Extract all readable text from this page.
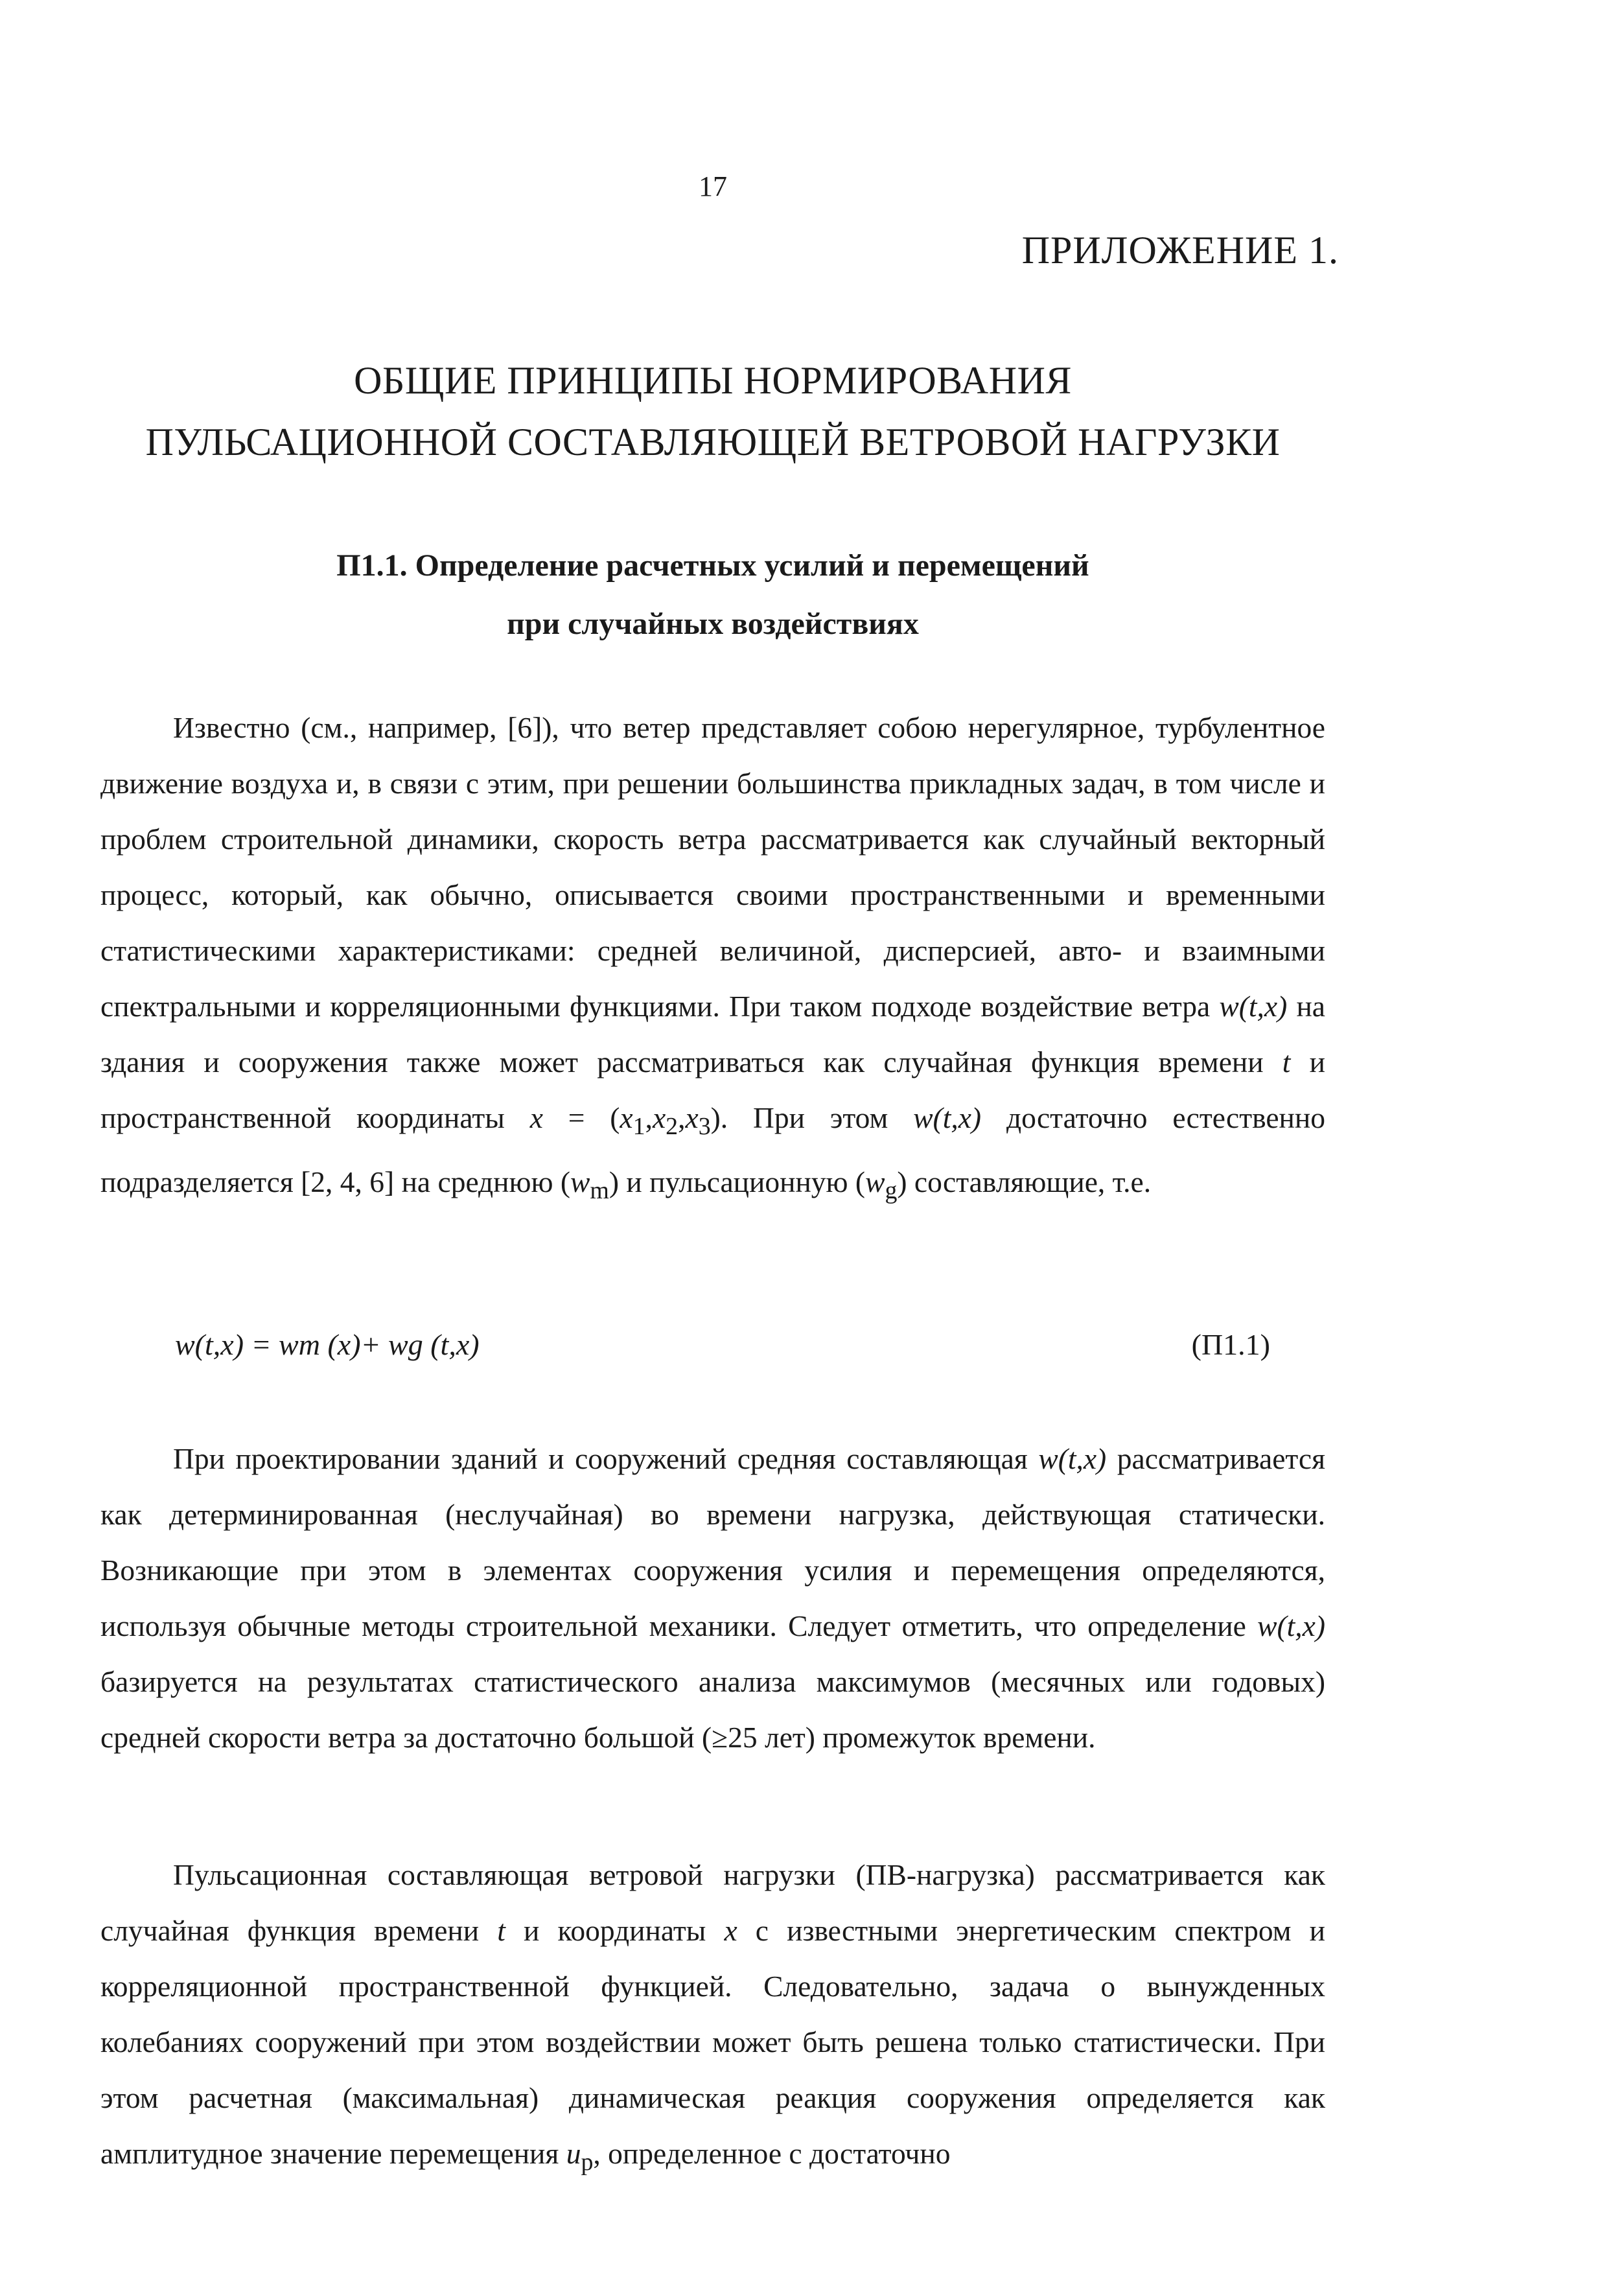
17
ПРИЛОЖЕНИЕ 1.
ОБЩИЕ ПРИНЦИПЫ НОРМИРОВАНИЯ
ПУЛЬСАЦИОННОЙ СОСТАВЛЯЮЩЕЙ ВЕТРОВОЙ НАГРУЗКИ
П1.1. Определение расчетных усилий и перемещений
при случайных воздействиях

Известно (см., например, [6]), что ветер представляет собою нерегулярное, турбулентное движение воздуха и, в связи с этим, при решении большинства прикладных задач, в том числе и проблем строительной динамики, скорость ветра рассматривается как случайный векторный процесс, который, как обычно, описывается своими пространственными и временными статистическими характеристиками: средней величиной, дисперсией, авто- и взаимными спектральными и корреляционными функциями. При таком подходе воздействие ветра w(t,x) на здания и сооружения также может рассматриваться как случайная функция времени t и пространственной координаты $x = (x_1,x_2,x_3)$. При этом w(t,x) достаточно естественно подразделяется [2, 4, 6] на среднюю $(w_m)$ и пульсационную $(w_g)$ составляющие, т.е.

w(t,x) = wm (x)+ wg (t,x)	(П1.1)

При проектировании зданий и сооружений средняя составляющая w(t,x) рассматривается как детерминированная (неслучайная) во времени нагрузка, действующая статически. Возникающие при этом в элементах сооружения усилия и перемещения определяются, используя обычные методы строительной механики. Следует отметить, что определение w(t,x) базируется на результатах статистического анализа максимумов (месячных или годовых) средней скорости ветра за достаточно большой (≥25 лет) промежуток времени.

Пульсационная составляющая ветровой нагрузки (ПВ-нагрузка) рассматривается как случайная функция времени t и координаты x с известными энергетическим спектром и корреляционной пространственной функцией. Следовательно, задача о вынужденных колебаниях сооружений при этом воздействии может быть решена только статистически. При этом расчетная (максимальная) динамическая реакция сооружения определяется как амплитудное значение перемещения $u_p$, определенное с достаточно
